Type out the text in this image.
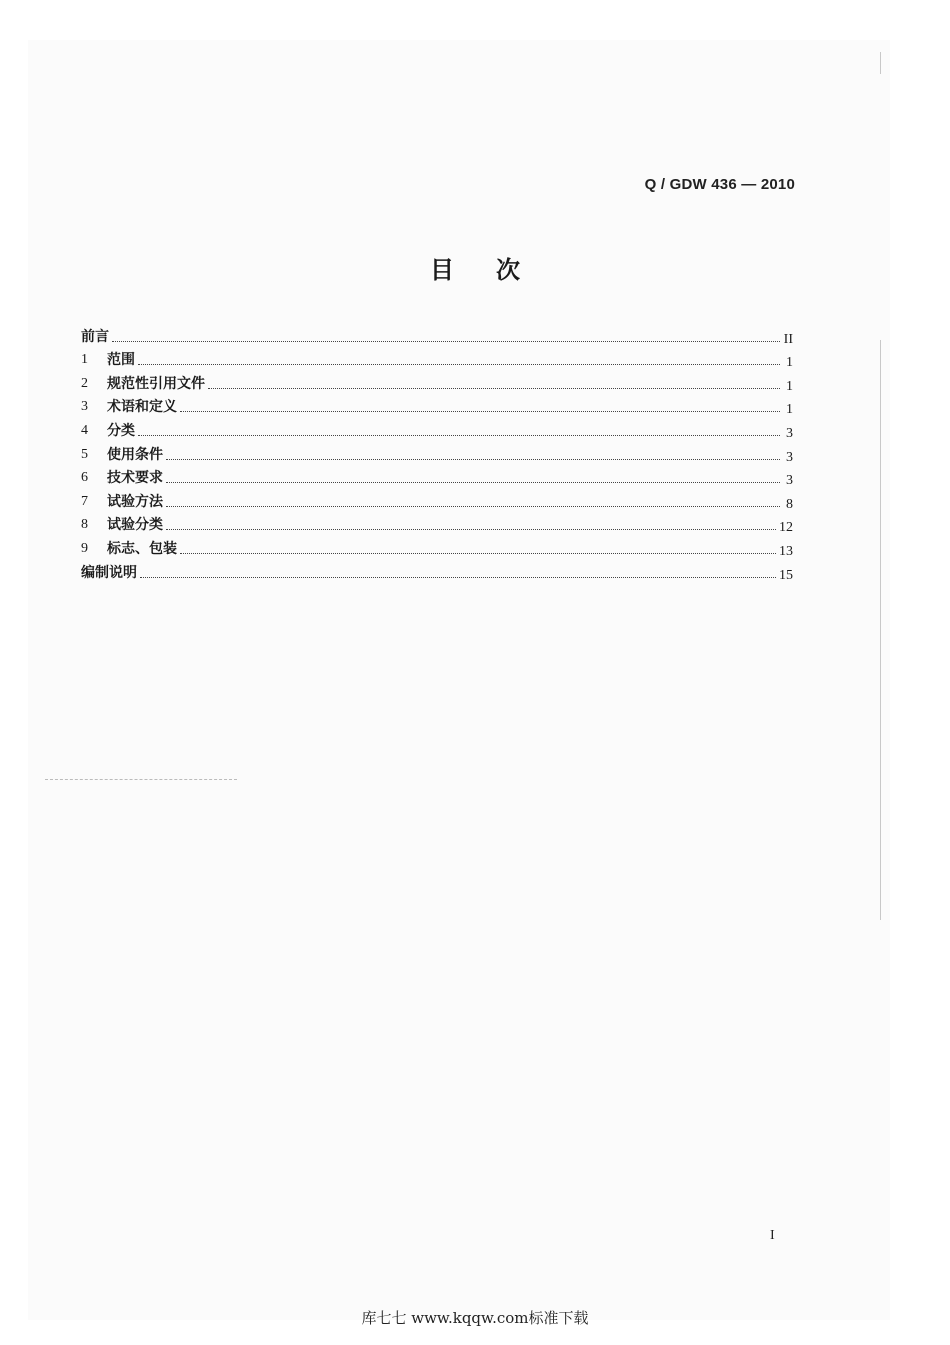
Q / GDW 436 — 2010
目次
前言	II
1	范围	1
2	规范性引用文件	1
3	术语和定义	1
4	分类	3
5	使用条件	3
6	技术要求	3
7	试验方法	8
8	试验分类	12
9	标志、包装	13
编制说明	15
I
库七七 www.kqqw.com标准下载
